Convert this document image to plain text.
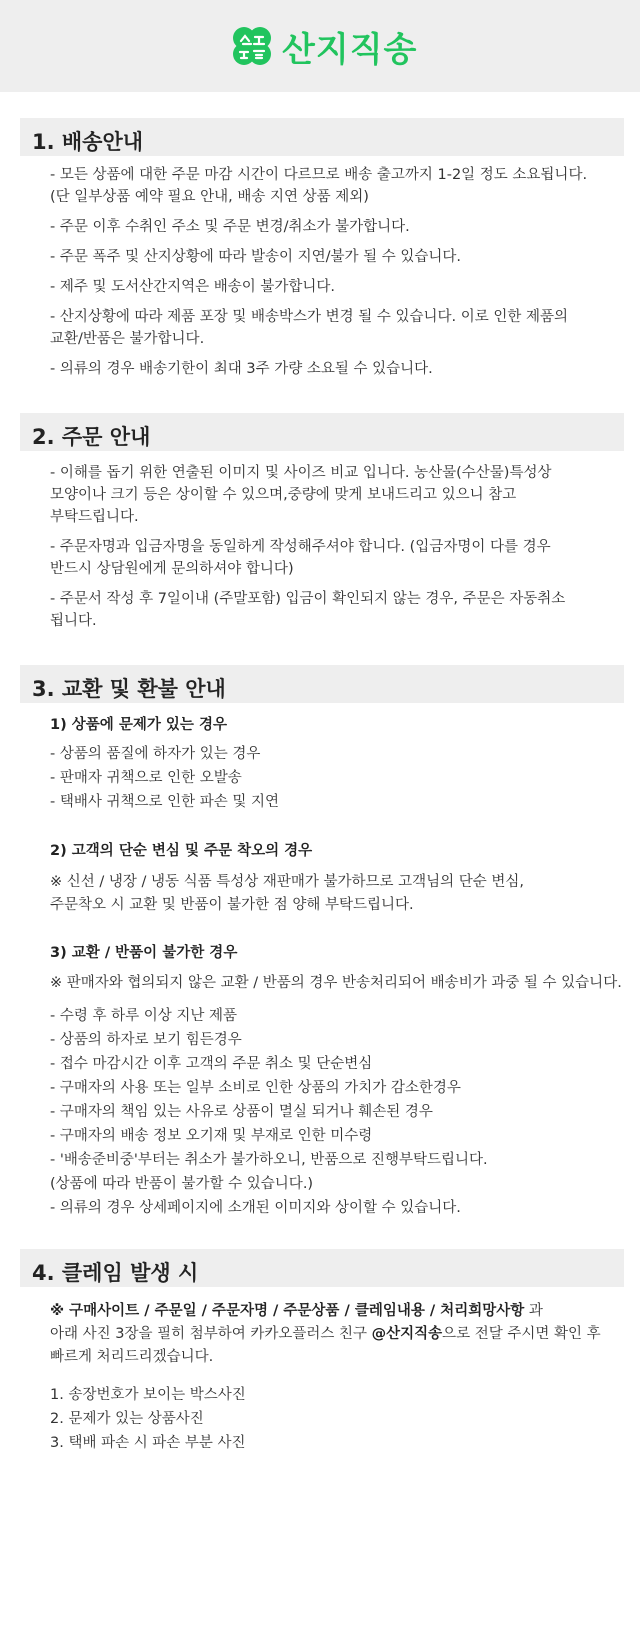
산지직송
1. 배송안내
- 모든 상품에 대한 주문 마감 시간이 다르므로 배송 출고까지 1-2일 정도 소요됩니다.
(단 일부상품 예약 필요 안내, 배송 지연 상품 제외)
- 주문 이후 수취인 주소 및 주문 변경/취소가 불가합니다.
- 주문 폭주 및 산지상황에 따라 발송이 지연/불가 될 수 있습니다.
- 제주 및 도서산간지역은 배송이 불가합니다.
- 산지상황에 따라 제품 포장 및 배송박스가 변경 될 수 있습니다. 이로 인한 제품의
교환/반품은 불가합니다.
- 의류의 경우 배송기한이 최대 3주 가량 소요될 수 있습니다.
2. 주문 안내
- 이해를 돕기 위한 연출된 이미지 및 사이즈 비교 입니다. 농산물(수산물)특성상
모양이나 크기 등은 상이할 수 있으며,중량에 맞게 보내드리고 있으니 참고
부탁드립니다.
- 주문자명과 입금자명을 동일하게 작성해주셔야 합니다. (입금자명이 다를 경우
반드시 상담원에게 문의하셔야 합니다)
- 주문서 작성 후 7일이내 (주말포함) 입금이 확인되지 않는 경우, 주문은 자동취소
됩니다.
3. 교환 및 환불 안내
1) 상품에 문제가 있는 경우
- 상품의 품질에 하자가 있는 경우
- 판매자 귀책으로 인한 오발송
- 택배사 귀책으로 인한 파손 및 지연
2) 고객의 단순 변심 및 주문 착오의 경우
※ 신선 / 냉장 / 냉동 식품 특성상 재판매가 불가하므로 고객님의 단순 변심,
주문착오 시 교환 및 반품이 불가한 점 양해 부탁드립니다.
3) 교환 / 반품이 불가한 경우
※ 판매자와 협의되지 않은 교환 / 반품의 경우 반송처리되어 배송비가 과중 될 수 있습니다.
- 수령 후 하루 이상 지난 제품
- 상품의 하자로 보기 힘든경우
- 접수 마감시간 이후 고객의 주문 취소 및 단순변심
- 구매자의 사용 또는 일부 소비로 인한 상품의 가치가 감소한경우
- 구매자의 책임 있는 사유로 상품이 멸실 되거나 훼손된 경우
- 구매자의 배송 정보 오기재 및 부재로 인한 미수령
- '배송준비중'부터는 취소가 불가하오니, 반품으로 진행부탁드립니다.
(상품에 따라 반품이 불가할 수 있습니다.)
- 의류의 경우 상세페이지에 소개된 이미지와 상이할 수 있습니다.
4. 클레임 발생 시
※ 구매사이트 / 주문일 / 주문자명 / 주문상품 / 클레임내용 / 처리희망사항 과
아래 사진 3장을 필히 첨부하여 카카오플러스 친구 @산지직송으로 전달 주시면 확인 후
빠르게 처리드리겠습니다.
1. 송장번호가 보이는 박스사진
2. 문제가 있는 상품사진
3. 택배 파손 시 파손 부분 사진
